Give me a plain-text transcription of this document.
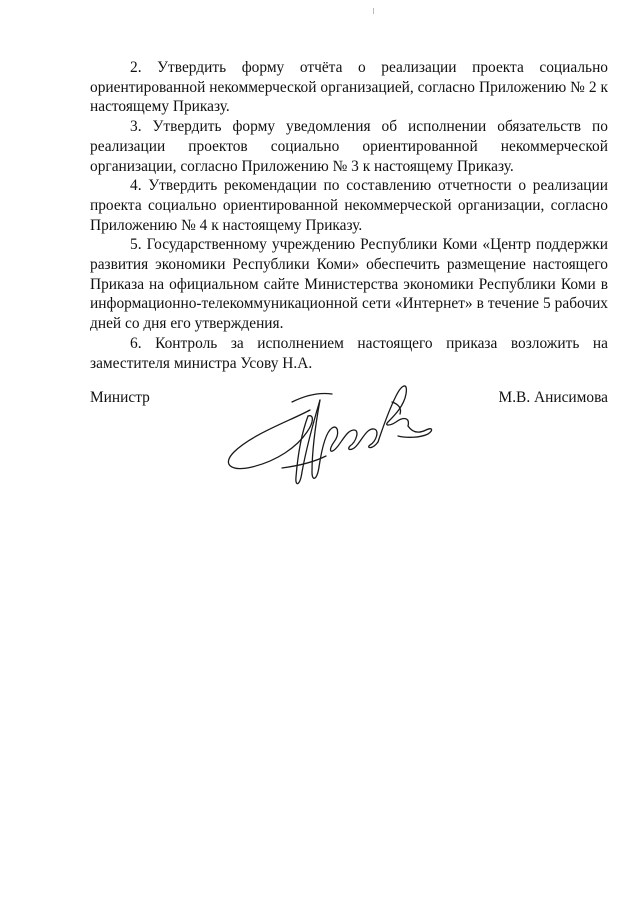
2. Утвердить форму отчёта о реализации проекта социально ориентированной некоммерческой организацией, согласно Приложению № 2 к настоящему Приказу.

3. Утвердить форму уведомления об исполнении обязательств по реализации проектов социально ориентированной некоммерческой организации, согласно Приложению № 3 к настоящему Приказу.

4. Утвердить рекомендации по составлению отчетности о реализации проекта социально ориентированной некоммерческой организации, согласно Приложению № 4 к настоящему Приказу.

5. Государственному учреждению Республики Коми «Центр поддержки развития экономики Республики Коми» обеспечить размещение настоящего Приказа на официальном сайте Министерства экономики Республики Коми в информационно-телекоммуникационной сети «Интернет» в течение 5 рабочих дней со дня его утверждения.

6. Контроль за исполнением настоящего приказа возложить на заместителя министра Усову Н.А.

Министр	М.В. Анисимова
